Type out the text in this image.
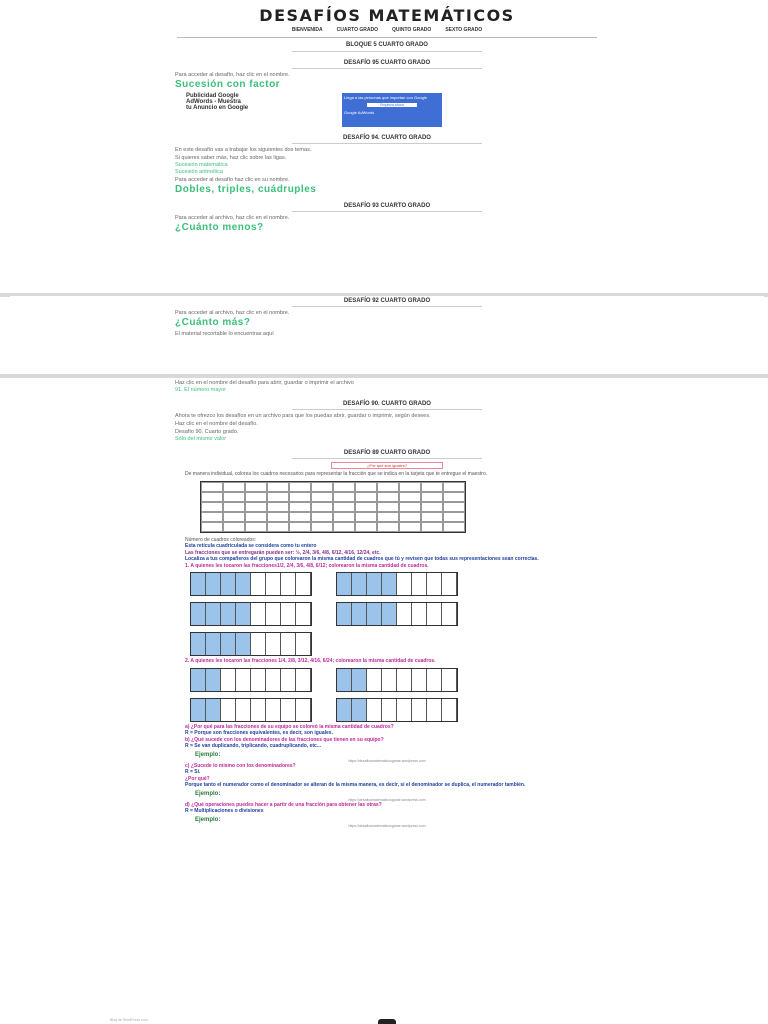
DESAFÍOS MATEMÁTICOS
BIENVENIDA	CUARTO GRADO	QUINTO GRADO	SEXTO GRADO
BLOQUE 5 CUARTO GRADO
DESAFÍO 95 CUARTO GRADO
Para acceder al desafío, haz clic en el nombre.
Sucesión con factor
Publicidad Google
AdWords - Muestra
tu Anuncio en Google
Llega a las personas que importan con Google
Empieza ahora
Google AdWords
DESAFÍO 94. CUARTO GRADO
En este desafío vas a trabajar los siguientes dos temas.
Si quieres saber más, haz clic sobre las ligas.
Sucesión matemática
Sucesión aritmética
Para acceder al desafío haz clic en su nombre.
Dobles, triples, cuádruples
DESAFÍO 93 CUARTO GRADO
Para acceder al archivo, haz clic en el nombre.
¿Cuánto menos?
DESAFÍO 92 CUARTO GRADO
Para acceder al archivo, haz clic en el nombre.
¿Cuánto más?
El material recortable lo encuentras aquí
Haz clic en el nombre del desafío para abrir, guardar o imprimir el archivo
91. El número mayor
DESAFÍO 90. CUARTO GRADO
Ahora te ofrezco los desafíos en un archivo para que los puedas abrir, guardar o imprimir, según desees.
Haz clic en el nombre del desafío.
Desafío 90. Cuarto grado.
Sólo del mismo valor
DESAFÍO 89 CUARTO GRADO
¿Por qué son iguales?
De manera individual, colorea los cuadros necesarios para representar la fracción que se indica en la tarjeta que te entregue el maestro.
Número de cuadros coloreados:
Esta retícula cuadriculada se considera como tu entero
Las fracciones que se entregarán pueden ser: ½, 2/4, 3/6, 4/8, 6/12, 4/16, 12/24, etc.
Localiza a tus compañeros del grupo que colorearon la misma cantidad de cuadros que tú y revisen que todas sus representaciones sean correctas.
1. A quienes les tocaron las fracciones1/2, 2/4, 3/6, 4/8, 6/12; colorearon la misma cantidad de cuadros.
2. A quienes les tocaron las fracciones 1/4, 2/8, 3/12, 4/16, 6/24; colorearon la misma cantidad de cuadros.
a) ¿Por qué para las fracciones de su equipo se coloreó la misma cantidad de cuadros?
R = Porque son fracciones equivalentes, es decir, son iguales.
b) ¿Qué sucede con los denominadores de las fracciones que tienen en su equipo?
R = Se van duplicando, triplicando, cuadruplicando, etc...
Ejemplo:
https://desafiosmatematicosgarae.wordpress.com
c) ¿Sucede lo mismo con los denominadores?
R = Sí.
¿Por qué?
Porque tanto el numerador como el denominador se alteran de la misma manera, es decir, si el denominador se duplica, el numerador también.
Ejemplo:
https://desafiosmatematicosgarae.wordpress.com
d) ¿Qué operaciones puedes hacer a partir de una fracción para obtener las otras?
R = Multiplicaciones o divisiones
Ejemplo:
https://desafiosmatematicosgarae.wordpress.com
Blog de WordPress.com
